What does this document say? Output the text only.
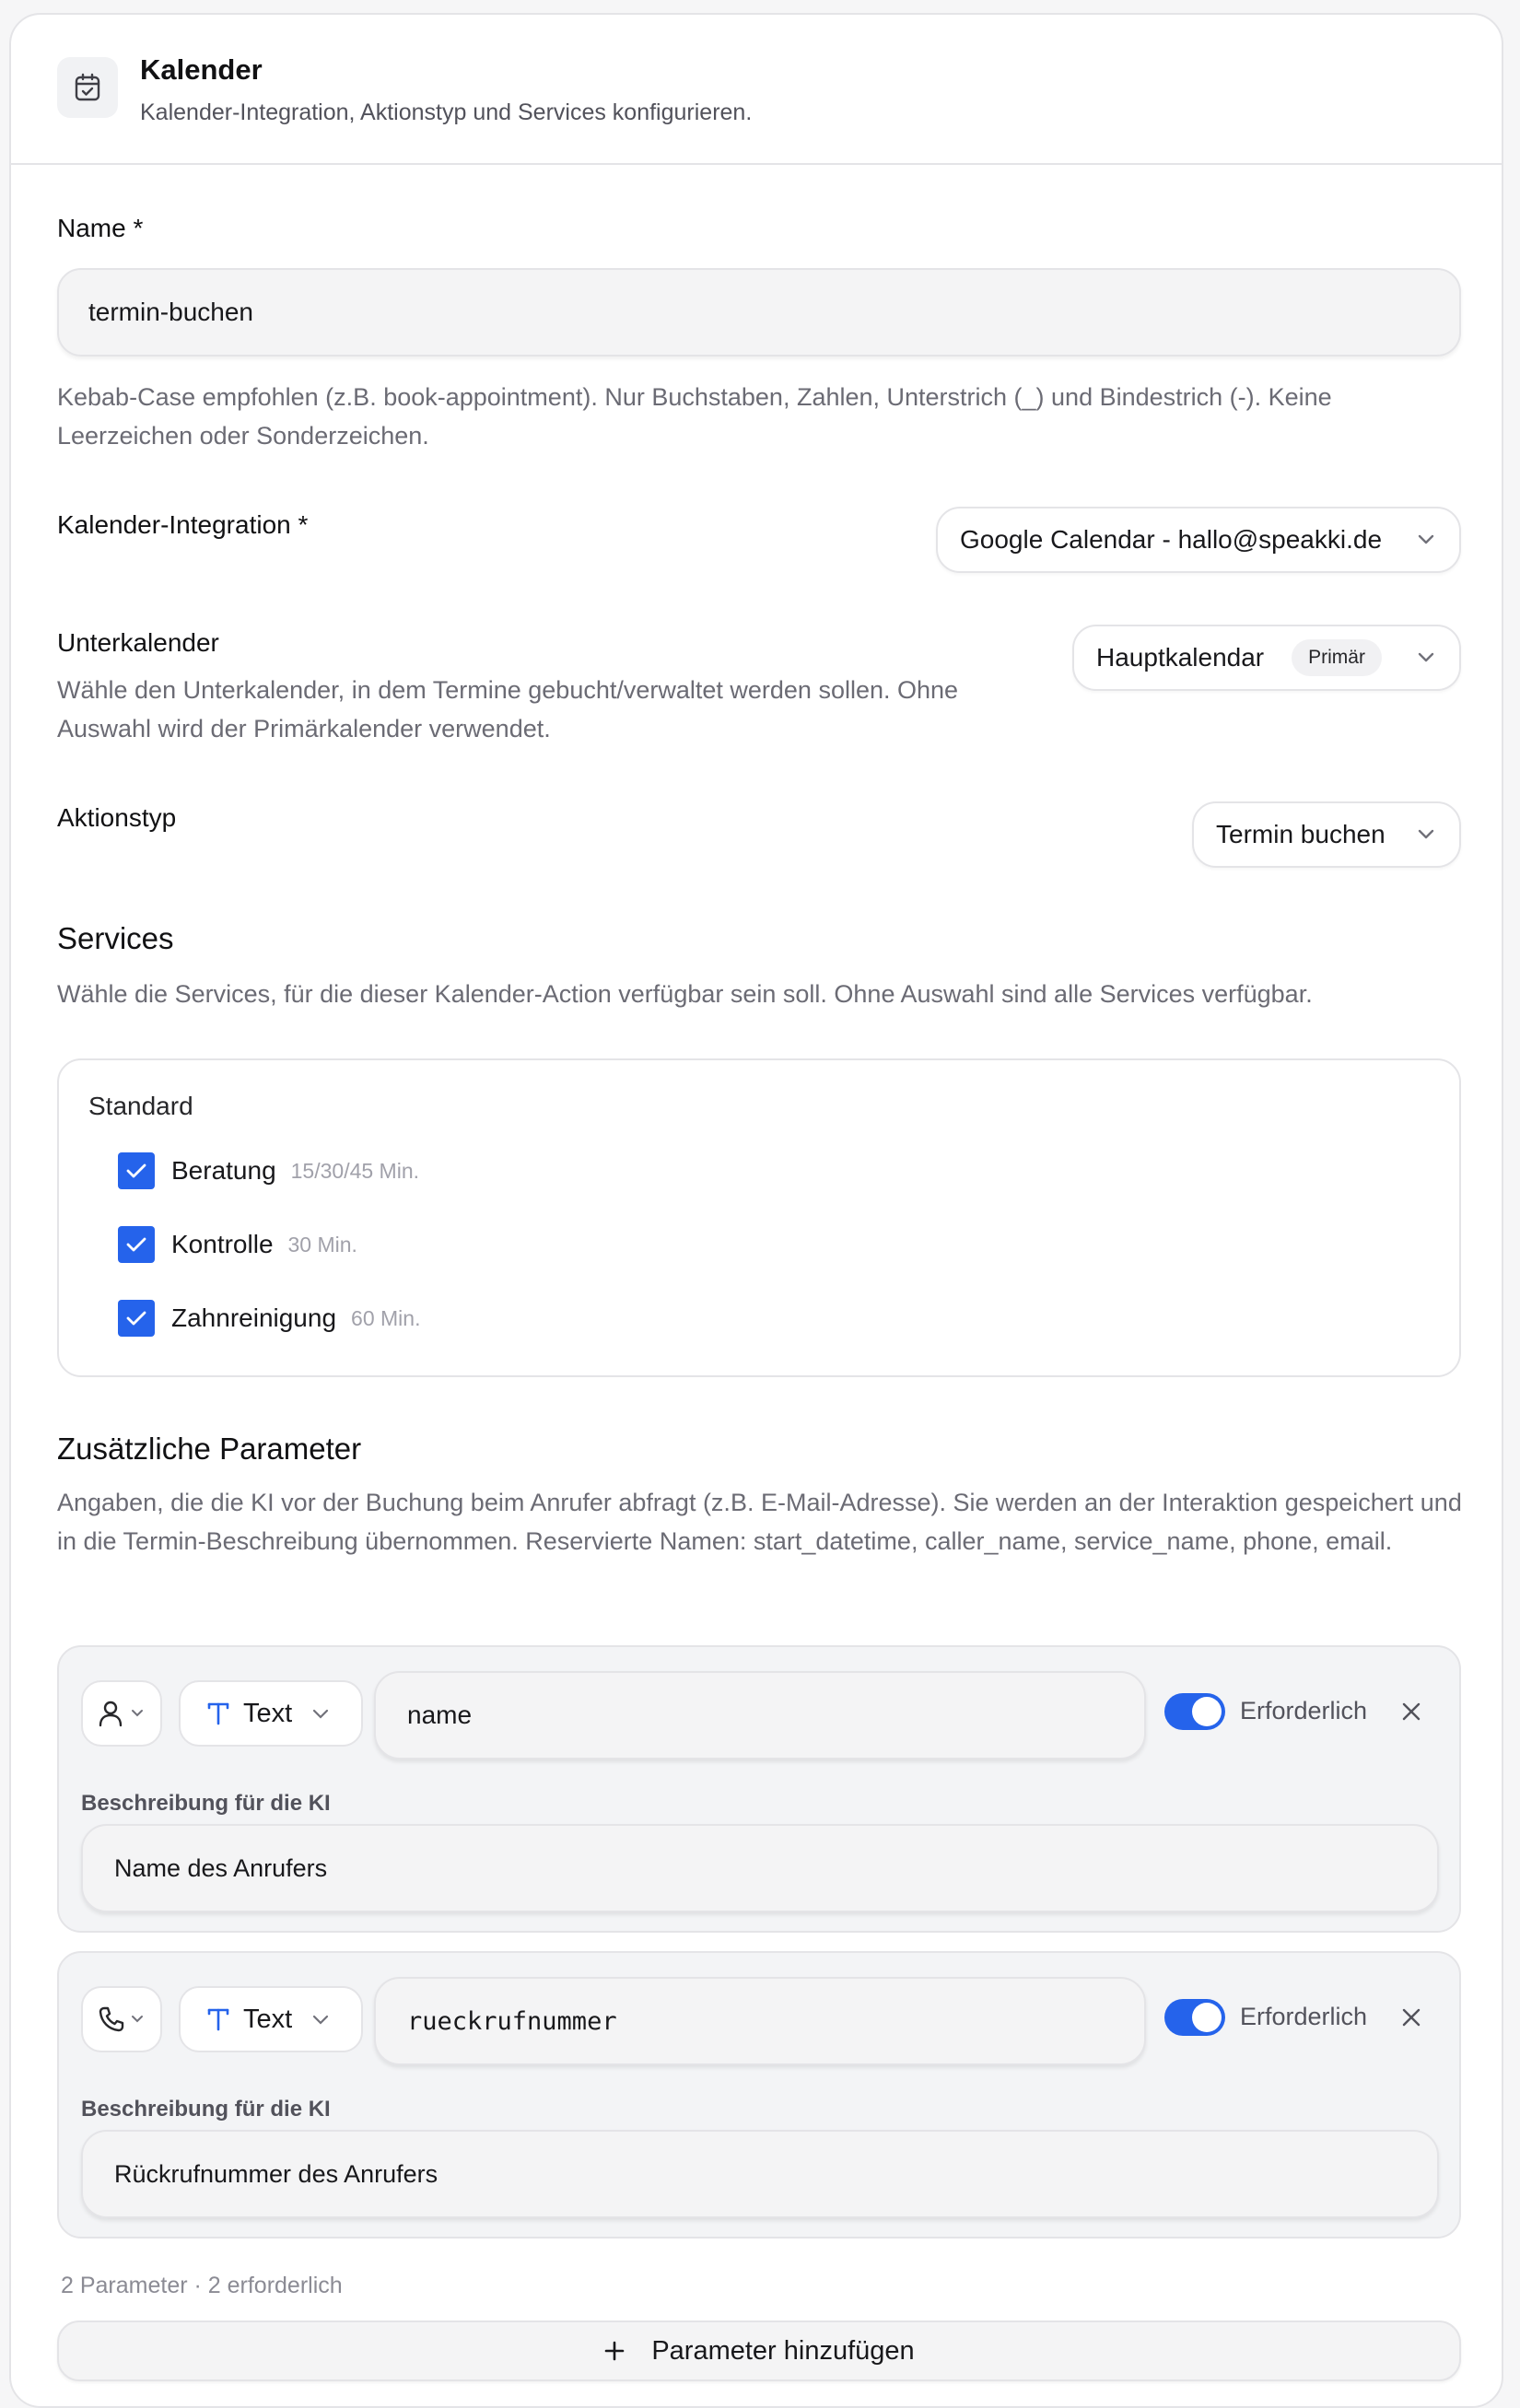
Kalender
Kalender-Integration, Aktionstyp und Services konfigurieren.
Name *
termin-buchen
Kebab-Case empfohlen (z.B. book-appointment). Nur Buchstaben, Zahlen, Unterstrich (_) und Bindestrich (-). Keine Leerzeichen oder Sonderzeichen.
Kalender-Integration *
Google Calendar - hallo@speakki.de
Unterkalender
Wähle den Unterkalender, in dem Termine gebucht/verwaltet werden sollen. Ohne Auswahl wird der Primärkalender verwendet.
Hauptkalendar	Primär
Aktionstyp
Termin buchen
Services
Wähle die Services, für die dieser Kalender-Action verfügbar sein soll. Ohne Auswahl sind alle Services verfügbar.
Standard
Beratung 15/30/45 Min.
Kontrolle 30 Min.
Zahnreinigung 60 Min.
Zusätzliche Parameter
Angaben, die die KI vor der Buchung beim Anrufer abfragt (z.B. E-Mail-Adresse). Sie werden an der Interaktion gespeichert und in die Termin-Beschreibung übernommen. Reservierte Namen: start_datetime, caller_name, service_name, phone, email.
Text	name	Erforderlich
Beschreibung für die KI
Name des Anrufers
Text	rueckrufnummer	Erforderlich
Beschreibung für die KI
Rückrufnummer des Anrufers
2 Parameter · 2 erforderlich
Parameter hinzufügen
